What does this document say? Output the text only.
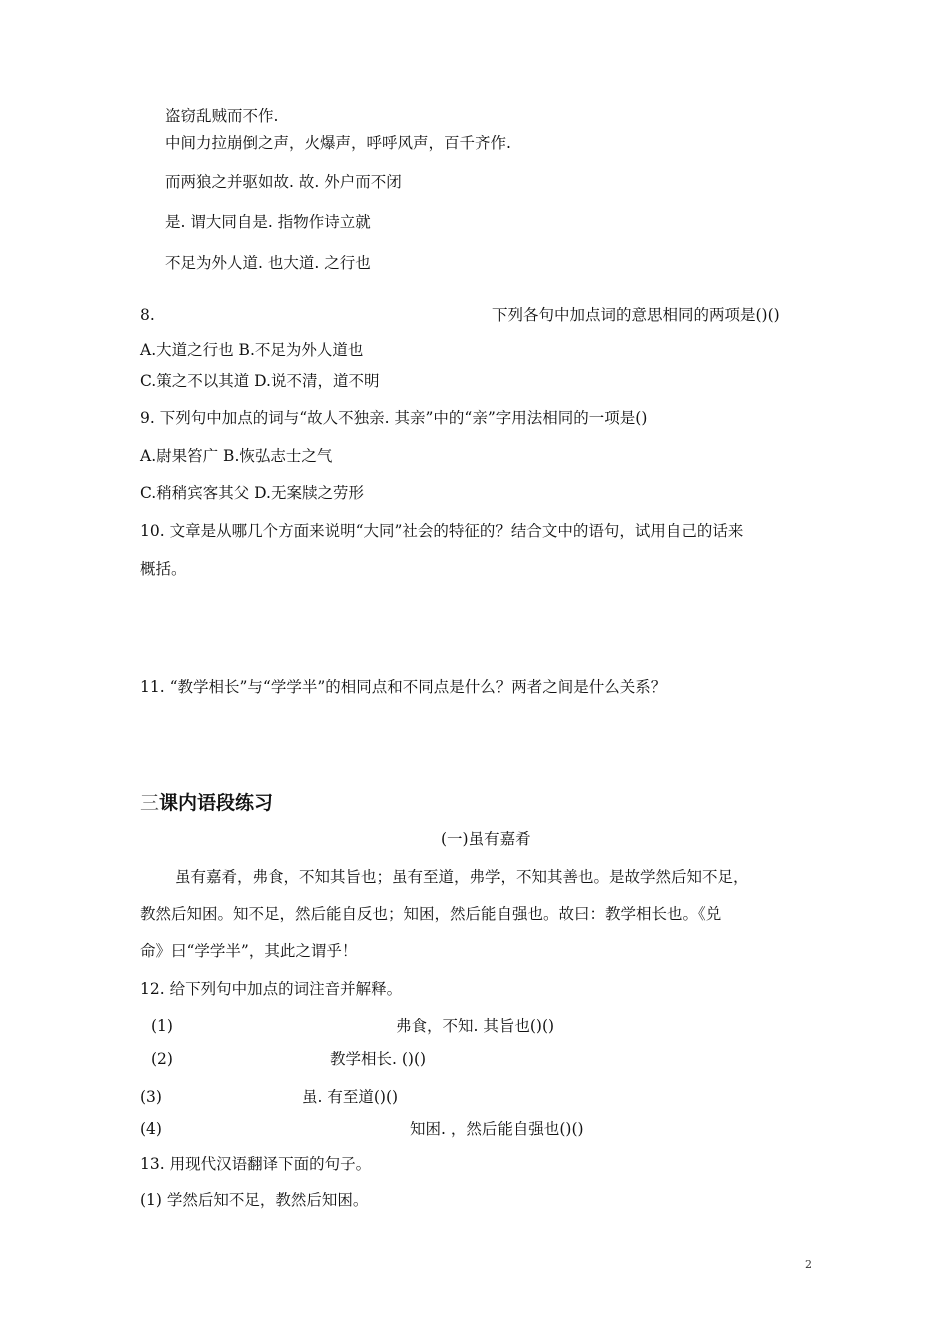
盗窃乱贼而不作.
中间力拉崩倒之声，火爆声，呼呼风声，百千齐作.
而两狼之并驱如故. 故. 外户而不闭
是. 谓大同自是. 指物作诗立就
不足为外人道. 也大道. 之行也
8.	下列各句中加点词的意思相同的两项是()()
A.大道之行也 B.不足为外人道也
C.策之不以其道 D.说不清，道不明
9. 下列句中加点的词与“故人不独亲. 其亲”中的“亲”字用法相同的一项是()
A.尉果笞广 B.恢弘志士之气
C.稍稍宾客其父 D.无案牍之劳形
10. 文章是从哪几个方面来说明“大同”社会的特征的？结合文中的语句，试用自己的话来
概括。
11. “教学相长”与“学学半”的相同点和不同点是什么？两者之间是什么关系？
三课内语段练习
(一)虽有嘉肴
虽有嘉肴，弗食，不知其旨也；虽有至道，弗学，不知其善也。是故学然后知不足，
教然后知困。知不足，然后能自反也；知困，然后能自强也。故曰：教学相长也。《兑
命》曰“学学半”，其此之谓乎！
12. 给下列句中加点的词注音并解释。
(1)	弗食，不知. 其旨也()()
(2)	教学相长. ()()
(3)	虽. 有至道()()
(4)	知困. ，然后能自强也()()
13. 用现代汉语翻译下面的句子。
(1) 学然后知不足，教然后知困。
2
